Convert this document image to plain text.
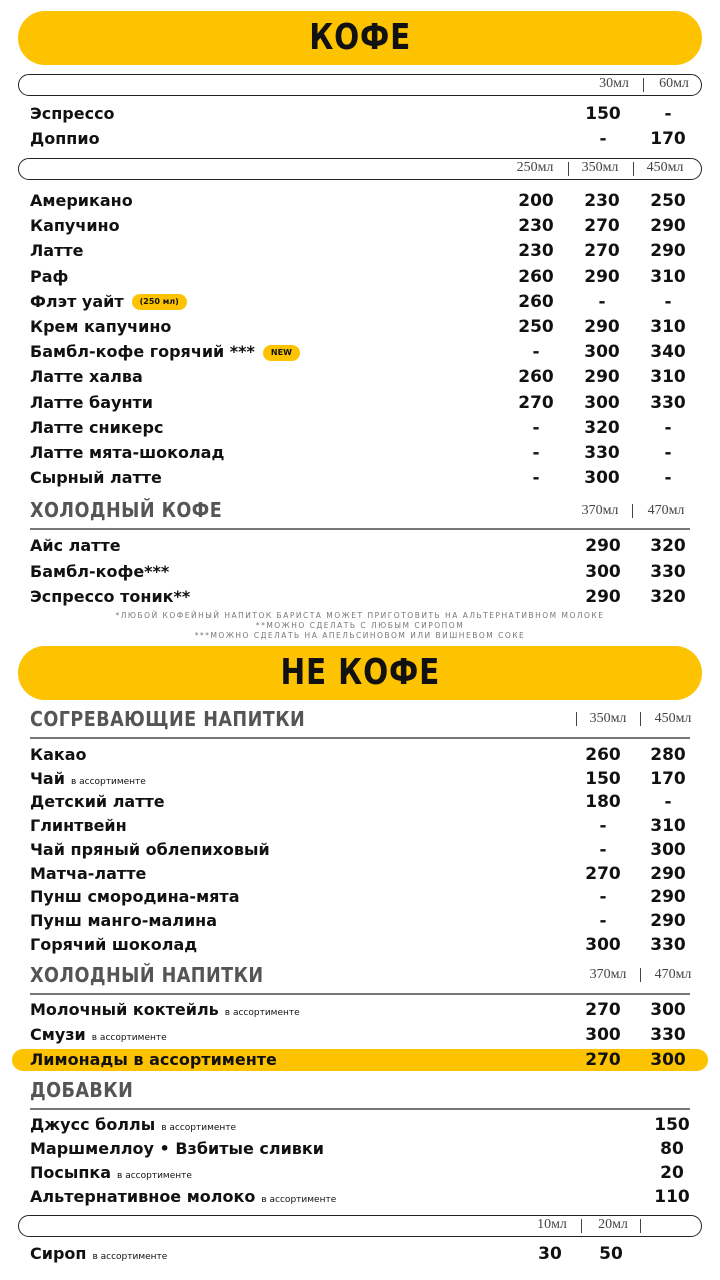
КОФЕ
30мл	60мл
Эспрессо	150	-
Доппио	-	170
250мл	350мл	450мл
Американо	200	230	250
Капучино	230	270	290
Латте	230	270	290
Раф	260	290	310
Флэт уайт (250 мл)	260	-	-
Крем капучино	250	290	310
Бамбл-кофе горячий *** NEW	-	300	340
Латте халва	260	290	310
Латте баунти	270	300	330
Латте сникерс	-	320	-
Латте мята-шоколад	-	330	-
Сырный латте	-	300	-
ХОЛОДНЫЙ КОФЕ	370мл	470мл
Айс латте	290	320
Бамбл-кофе***	300	330
Эспрессо тоник**	290	320
*ЛЮБОЙ КОФЕЙНЫЙ НАПИТОК БАРИСТА МОЖЕТ ПРИГОТОВИТЬ НА АЛЬТЕРНАТИВНОМ МОЛОКЕ
**МОЖНО СДЕЛАТЬ С ЛЮБЫМ СИРОПОМ
***МОЖНО СДЕЛАТЬ НА АПЕЛЬСИНОВОМ ИЛИ ВИШНЕВОМ СОКЕ
НЕ КОФЕ
СОГРЕВАЮЩИЕ НАПИТКИ	350мл	450мл
Какао	260	280
Чай в ассортименте	150	170
Детский латте	180	-
Глинтвейн	-	310
Чай пряный облепиховый	-	300
Матча-латте	270	290
Пунш смородина-мята	-	290
Пунш манго-малина	-	290
Горячий шоколад	300	330
ХОЛОДНЫЙ НАПИТКИ	370мл	470мл
Молочный коктейль в ассортименте	270	300
Смузи в ассортименте	300	330
Лимонады в ассортименте	270	300
ДОБАВКИ
Джусс боллы в ассортименте	150
Маршмеллоу • Взбитые сливки	80
Посыпка в ассортименте	20
Альтернативное молоко в ассортименте	110
10мл	20мл
Сироп в ассортименте	30	50
